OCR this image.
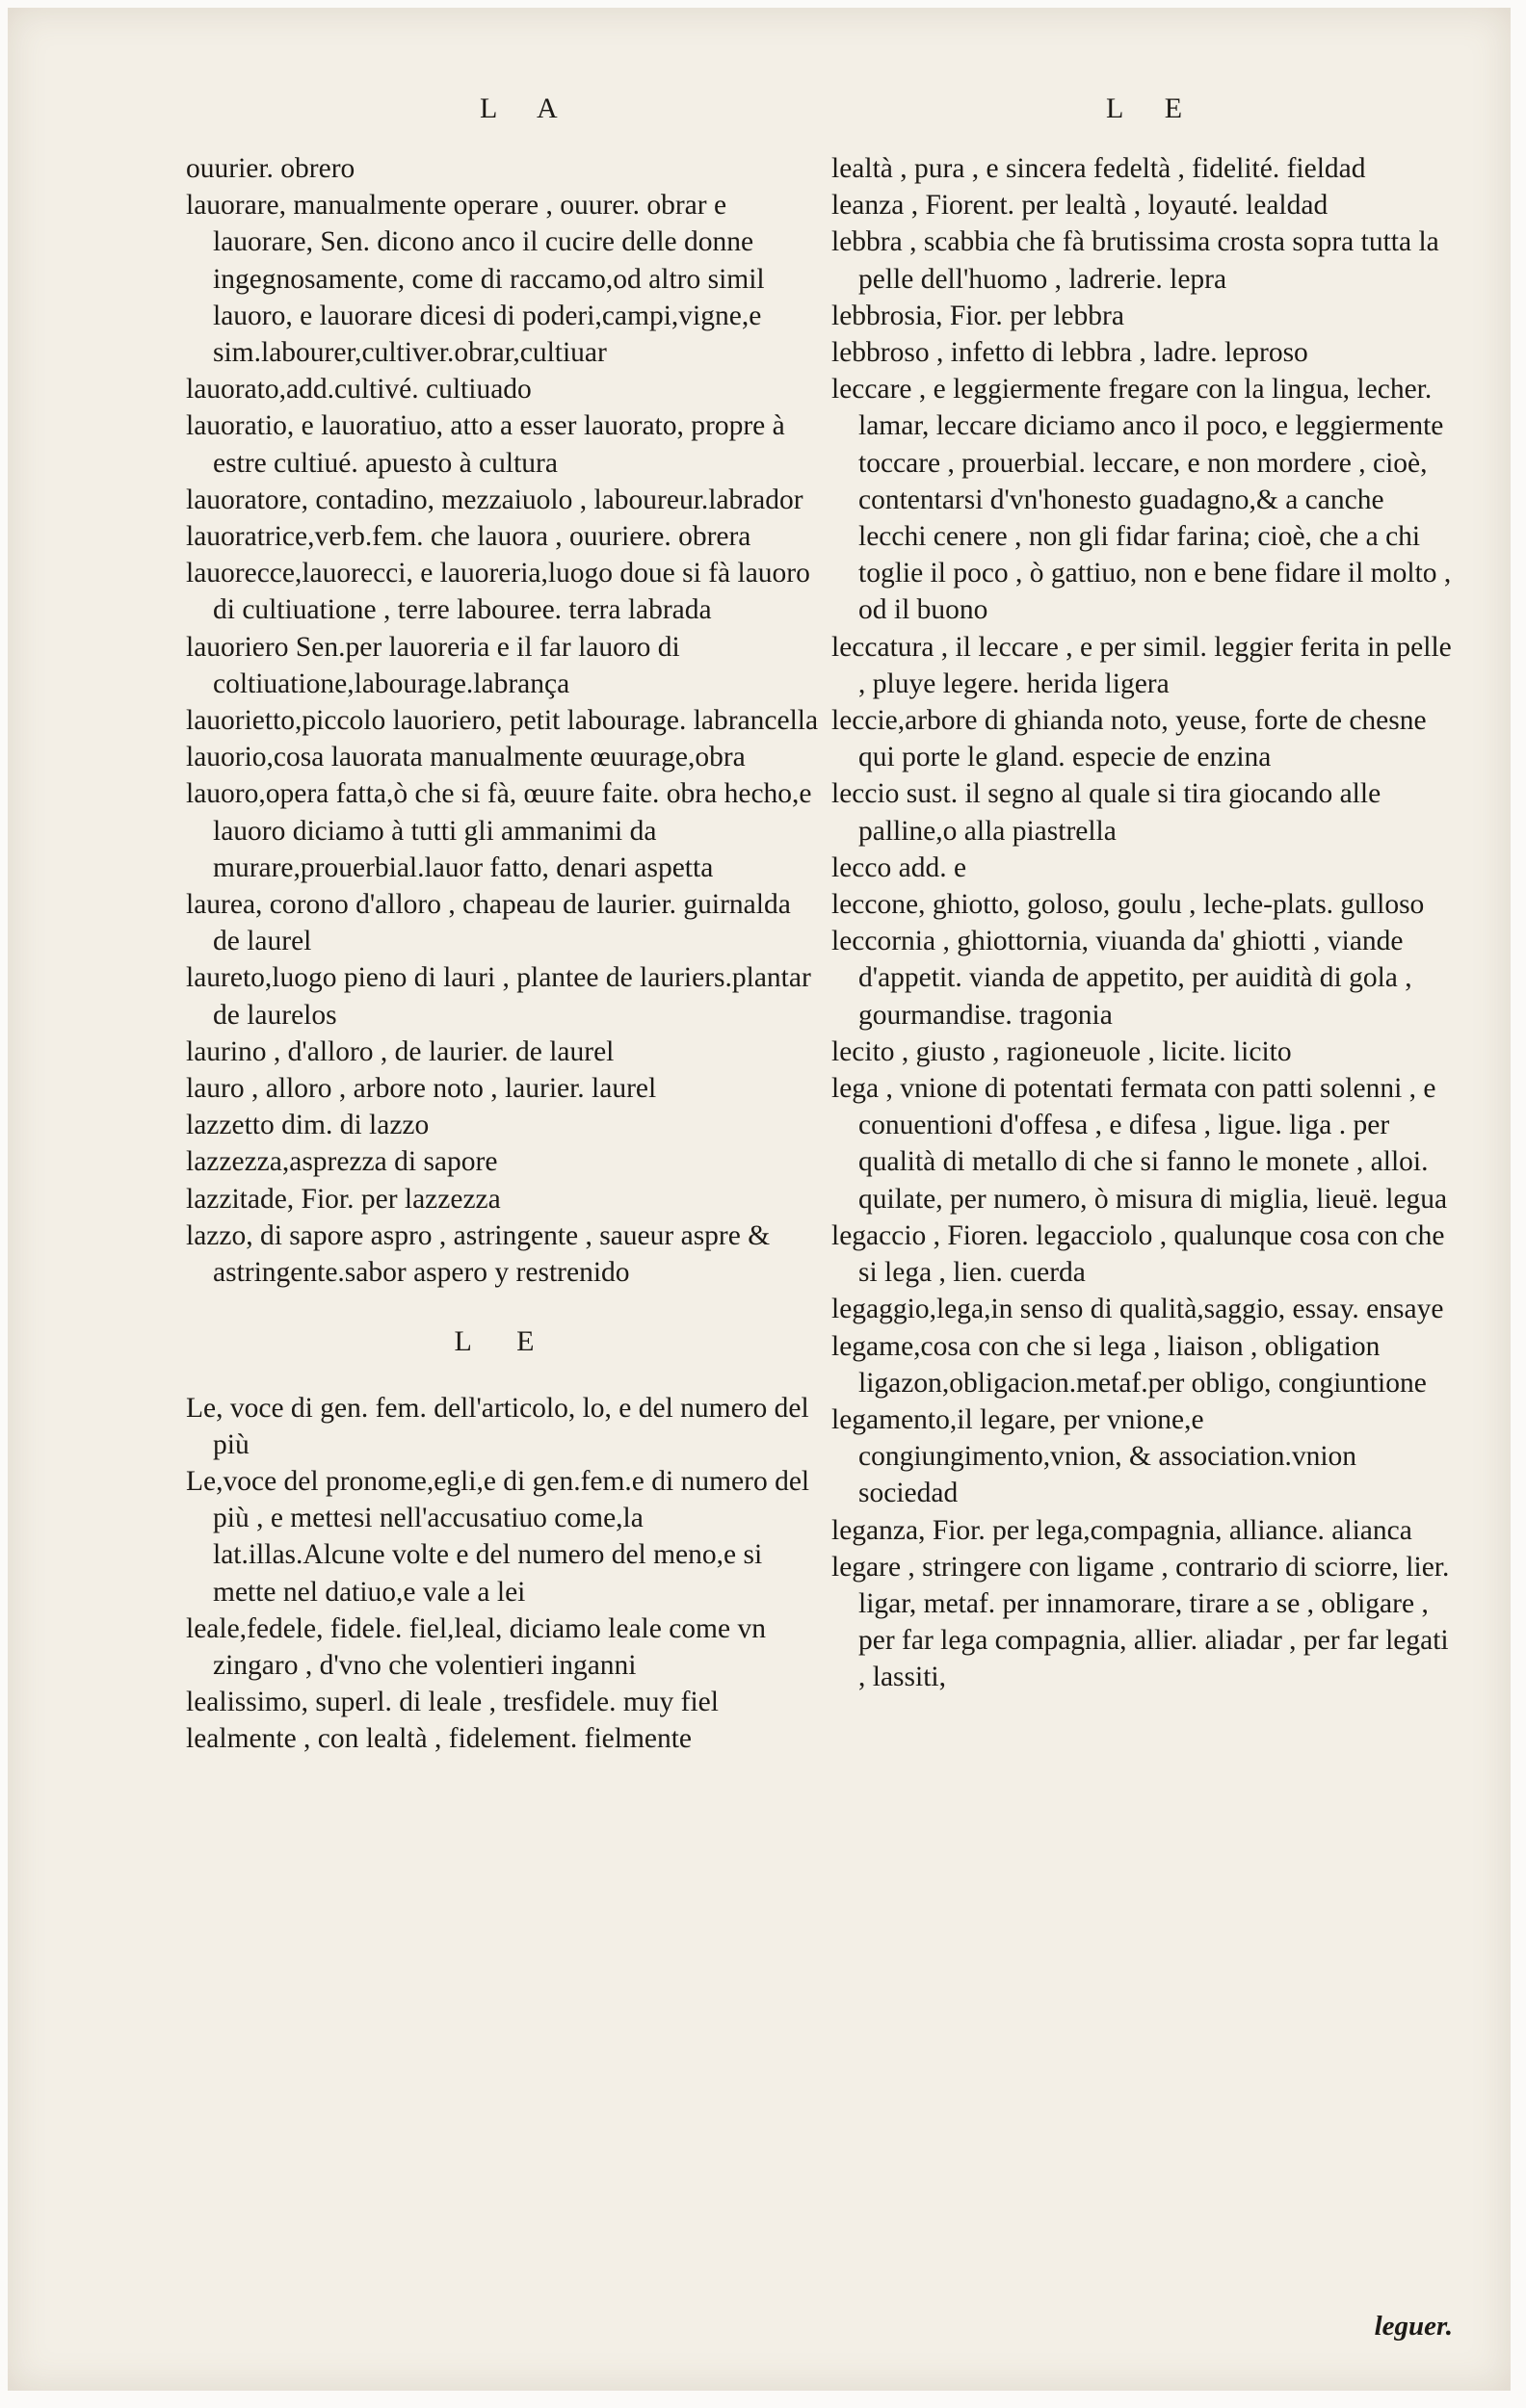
L A	L E

ouurier. obrero

lauorare, manualmente operare , ouurer. obrar e lauorare, Sen. dicono anco il cucire delle donne ingegnosamente, come di raccamo,od altro simil lauoro, e lauorare dicesi di poderi,campi,vigne,e sim.labourer,cultiver.obrar,cultiuar

lauorato,add.cultivé. cultiuado

lauoratio, e lauoratiuo, atto a esser lauorato, propre à estre cultiué. apuesto à cultura

lauoratore, contadino, mezzaiuolo , laboureur.labrador

lauoratrice,verb.fem. che lauora , ouuriere. obrera

lauorecce,lauorecci, e lauoreria,luogo doue si fà lauoro di cultiuatione , terre labouree. terra labrada

lauoriero Sen.per lauoreria e il far lauoro di coltiuatione,labourage.labrança

lauorietto,piccolo lauoriero, petit labourage. labrancella

lauorio,cosa lauorata manualmente œuurage,obra

lauoro,opera fatta,ò che si fà, œuure faite. obra hecho,e lauoro diciamo à tutti gli ammanimi da murare,prouerbial.lauor fatto, denari aspetta

laurea, corono d'alloro , chapeau de laurier. guirnalda de laurel

laureto,luogo pieno di lauri , plantee de lauriers.plantar de laurelos

laurino , d'alloro , de laurier. de laurel

lauro , alloro , arbore noto , laurier. laurel

lazzetto dim. di lazzo

lazzezza,asprezza di sapore

lazzitade, Fior. per lazzezza

lazzo, di sapore aspro , astringente , saueur aspre & astringente.sabor aspero y restrenido

L E

Le, voce di gen. fem. dell'articolo, lo, e del numero del più

Le,voce del pronome,egli,e di gen.fem.e di numero del più , e mettesi nell'accusatiuo come,la lat.illas.Alcune volte e del numero del meno,e si mette nel datiuo,e vale a lei

leale,fedele, fidele. fiel,leal, diciamo leale come vn zingaro , d'vno che volentieri inganni

lealissimo, superl. di leale , tresfidele. muy fiel

lealmente , con lealtà , fidelement. fielmente

lealtà , pura , e sincera fedeltà , fidelité. fieldad

leanza , Fiorent. per lealtà , loyauté. lealdad

lebbra , scabbia che fà brutissima crosta sopra tutta la pelle dell'huomo , ladrerie. lepra

lebbrosia, Fior. per lebbra

lebbroso , infetto di lebbra , ladre. leproso

leccare , e leggiermente fregare con la lingua, lecher. lamar, leccare diciamo anco il poco, e leggiermente toccare , prouerbial. leccare, e non mordere , cioè, contentarsi d'vn'honesto guadagno,& a canche lecchi cenere , non gli fidar farina; cioè, che a chi toglie il poco , ò gattiuo, non e bene fidare il molto , od il buono

leccatura , il leccare , e per simil. leggier ferita in pelle , pluye legere. herida ligera

leccie,arbore di ghianda noto, yeuse, forte de chesne qui porte le gland. especie de enzina

leccio sust. il segno al quale si tira giocando alle palline,o alla piastrella

lecco add. e

leccone, ghiotto, goloso, goulu , leche-plats. gulloso

leccornia , ghiottornia, viuanda da' ghiotti , viande d'appetit. vianda de appetito, per auidità di gola , gourmandise. tragonia

lecito , giusto , ragioneuole , licite. licito

lega , vnione di potentati fermata con patti solenni , e conuentioni d'offesa , e difesa , ligue. liga . per qualità di metallo di che si fanno le monete , alloi. quilate, per numero, ò misura di miglia, lieuë. legua

legaccio , Fioren. legacciolo , qualunque cosa con che si lega , lien. cuerda

legaggio,lega,in senso di qualità,saggio, essay. ensaye

legame,cosa con che si lega , liaison , obligation ligazon,obligacion.metaf.per obligo, congiuntione

legamento,il legare, per vnione,e congiungimento,vnion, & association.vnion sociedad

leganza, Fior. per lega,compagnia, alliance. alianca

legare , stringere con ligame , contrario di sciorre, lier. ligar, metaf. per innamorare, tirare a se , obligare , per far lega compagnia, allier. aliadar , per far legati , lassiti,

leguer.
